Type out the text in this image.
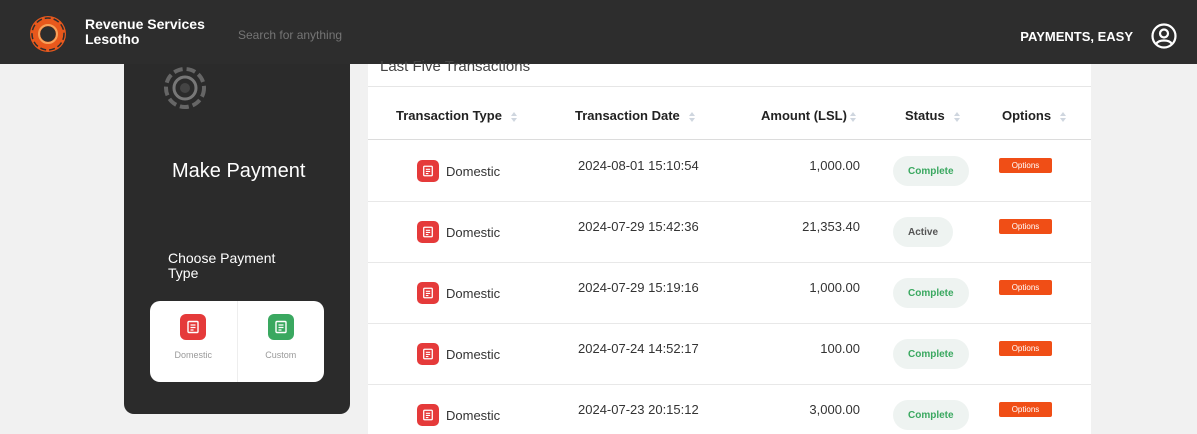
Revenue Services
Lesotho
Search for anything	PAYMENTS, EASY
Make Payment
Choose Payment Type
Domestic	Custom
Last Five Transactions
Transaction Type	Transaction Date	Amount (LSL)	Status	Options
Domestic	2024-08-01 15:10:54	1,000.00	Complete	Options
Domestic	2024-07-29 15:42:36	21,353.40	Active	Options
Domestic	2024-07-29 15:19:16	1,000.00	Complete	Options
Domestic	2024-07-24 14:52:17	100.00	Complete	Options
Domestic	2024-07-23 20:15:12	3,000.00	Complete	Options
